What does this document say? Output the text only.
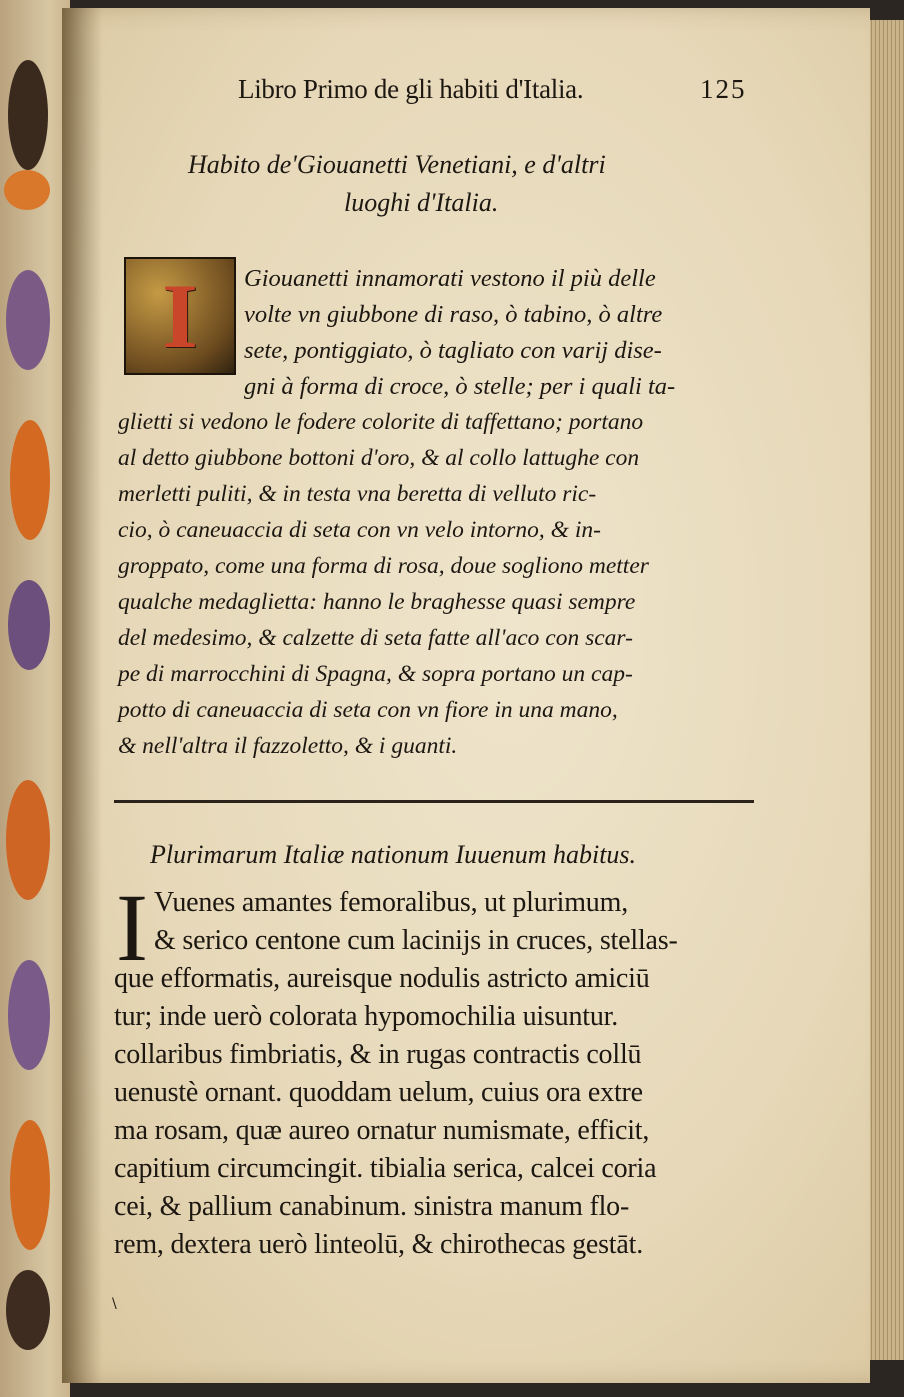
Libro Primo de gli habiti d'Italia.	125
Habito de'Giouanetti Venetiani, e d'altri
luoghi d'Italia.
I	Giouanetti innamorati vestono il più delle
volte vn giubbone di raso, ò tabino, ò altre
sete, pontiggiato, ò tagliato con varij dise-
gni à forma di croce, ò stelle; per i quali ta-
glietti si vedono le fodere colorite di taffettano; portano
al detto giubbone bottoni d'oro, & al collo lattughe con
merletti puliti, & in testa vna beretta di velluto ric-
cio, ò caneuaccia di seta con vn velo intorno, & in-
groppato, come una forma di rosa, doue sogliono metter
qualche medaglietta: hanno le braghesse quasi sempre
del medesimo, & calzette di seta fatte all'aco con scar-
pe di marrocchini di Spagna, & sopra portano un cap-
potto di caneuaccia di seta con vn fiore in una mano,
& nell'altra il fazzoletto, & i guanti.
Plurimarum Italiæ nationum Iuuenum habitus.
I Vuenes amantes femoralibus, ut plurimum,
& serico centone cum lacinijs in cruces, stellas-
que efformatis, aureisque nodulis astricto amiciū
tur; inde uerò colorata hypomochilia uisuntur.
collaribus fimbriatis, & in rugas contractis collū
uenustè ornant. quoddam uelum, cuius ora extre
ma rosam, quæ aureo ornatur numismate, efficit,
capitium circumcingit. tibialia serica, calcei coria
cei, & pallium canabinum. sinistra manum flo-
rem, dextera uerò linteolū, & chirothecas gestāt.
\
